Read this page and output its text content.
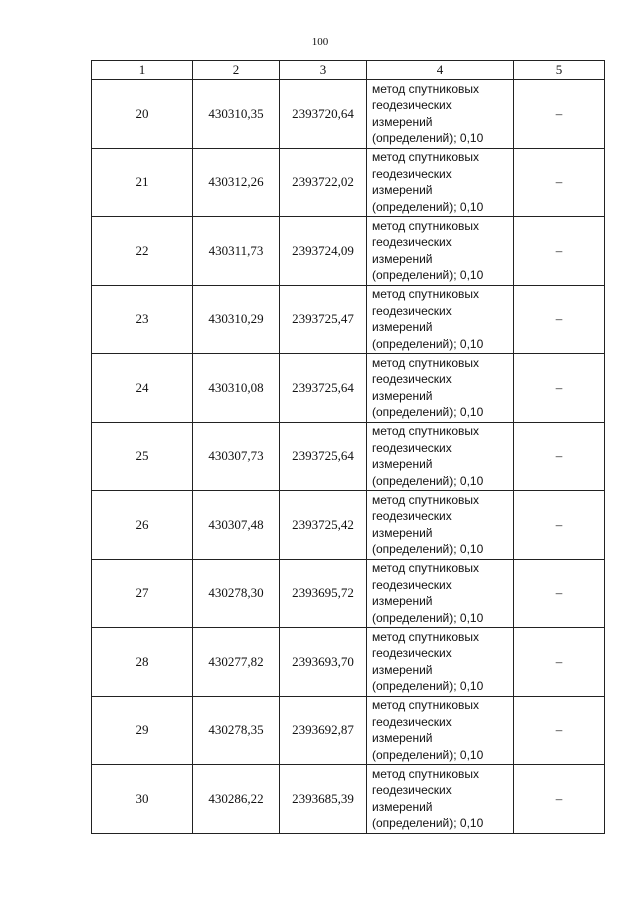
100
1	2	3	4	5
20	430310,35	2393720,64	метод спутниковых
геодезических
измерений
(определений); 0,10	–
21	430312,26	2393722,02	метод спутниковых
геодезических
измерений
(определений); 0,10	–
22	430311,73	2393724,09	метод спутниковых
геодезических
измерений
(определений); 0,10	–
23	430310,29	2393725,47	метод спутниковых
геодезических
измерений
(определений); 0,10	–
24	430310,08	2393725,64	метод спутниковых
геодезических
измерений
(определений); 0,10	–
25	430307,73	2393725,64	метод спутниковых
геодезических
измерений
(определений); 0,10	–
26	430307,48	2393725,42	метод спутниковых
геодезических
измерений
(определений); 0,10	–
27	430278,30	2393695,72	метод спутниковых
геодезических
измерений
(определений); 0,10	–
28	430277,82	2393693,70	метод спутниковых
геодезических
измерений
(определений); 0,10	–
29	430278,35	2393692,87	метод спутниковых
геодезических
измерений
(определений); 0,10	–
30	430286,22	2393685,39	метод спутниковых
геодезических
измерений
(определений); 0,10	–
